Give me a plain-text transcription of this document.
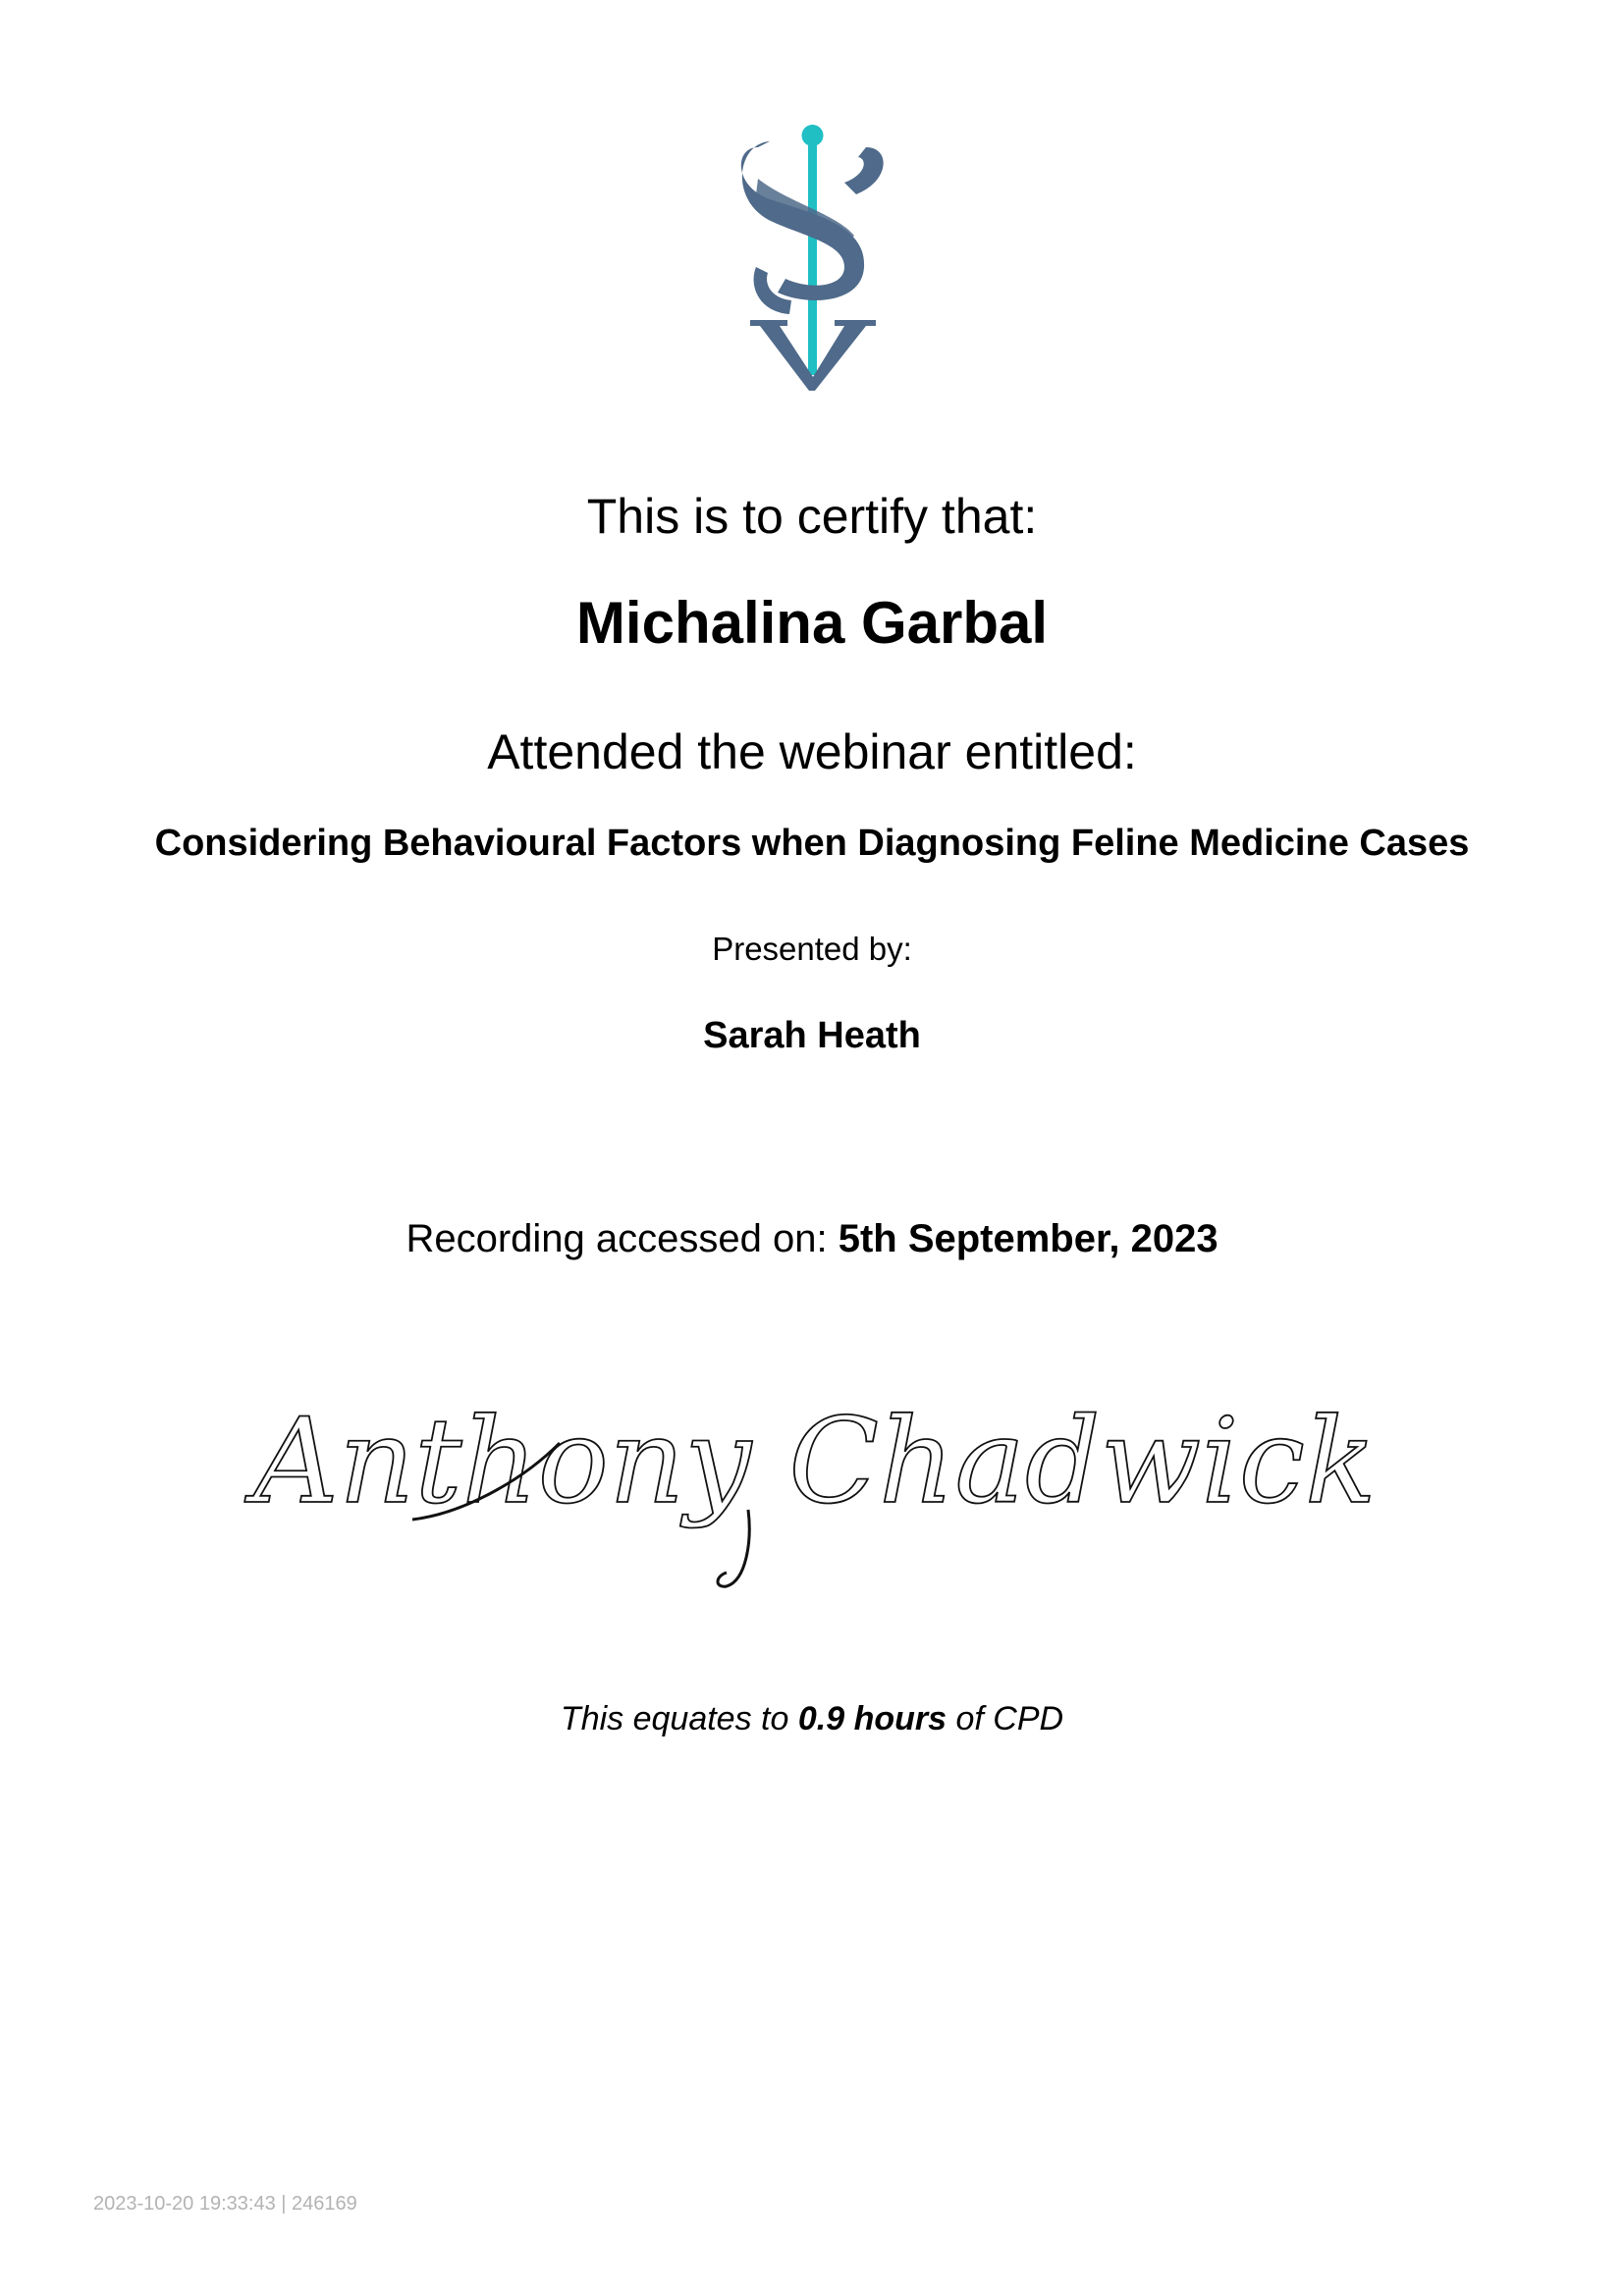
This is to certify that:
Michalina Garbal
Attended the webinar entitled:
Considering Behavioural Factors when Diagnosing Feline Medicine Cases
Presented by:
Sarah Heath
Recording accessed on: 5th September, 2023
Anthony Chadwick
This equates to 0.9 hours of CPD
2023-10-20 19:33:43 | 246169
